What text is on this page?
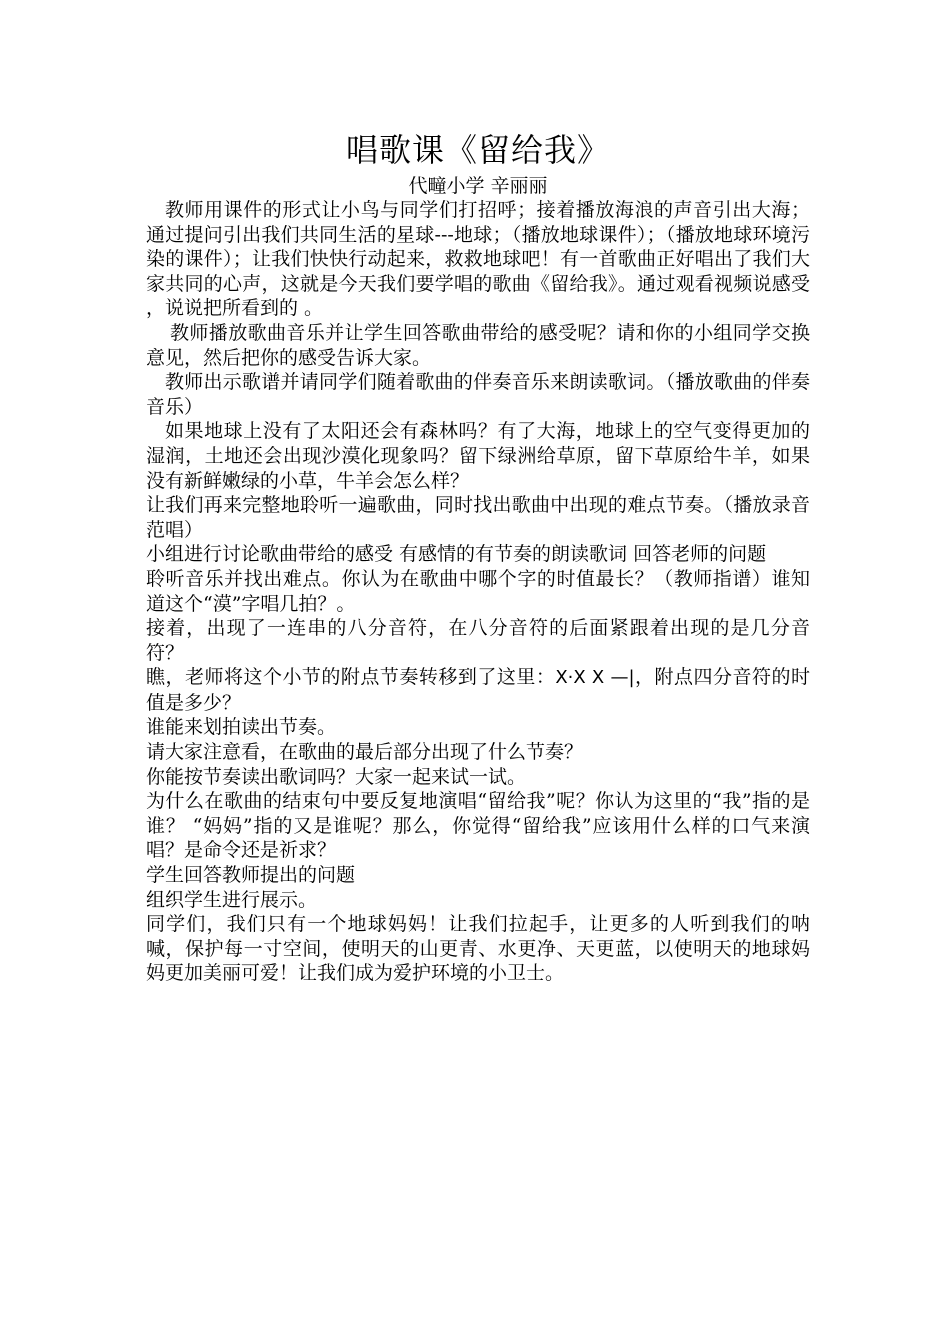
唱歌课《留给我》

代疃小学 辛丽丽

教师用课件的形式让小鸟与同学们打招呼；接着播放海浪的声音引出大海；通过提问引出我们共同生活的星球---地球；（播放地球课件）；（播放地球环境污染的课件）；让我们快快行动起来，救救地球吧！有一首歌曲正好唱出了我们大家共同的心声，这就是今天我们要学唱的歌曲《留给我》。通过观看视频说感受 ，说说把所看到的 。

教师播放歌曲音乐并让学生回答歌曲带给的感受呢？请和你的小组同学交换意见，然后把你的感受告诉大家。

教师出示歌谱并请同学们随着歌曲的伴奏音乐来朗读歌词。（播放歌曲的伴奏音乐）

如果地球上没有了太阳还会有森林吗？有了大海，地球上的空气变得更加的湿润，土地还会出现沙漠化现象吗？留下绿洲给草原，留下草原给牛羊，如果没有新鲜嫩绿的小草，牛羊会怎么样？

让我们再来完整地聆听一遍歌曲，同时找出歌曲中出现的难点节奏。（播放录音范唱）

小组进行讨论歌曲带给的感受 有感情的有节奏的朗读歌词 回答老师的问题

聆听音乐并找出难点。你认为在歌曲中哪个字的时值最长？（教师指谱）谁知道这个“漠”字唱几拍？。

接着，出现了一连串的八分音符，在八分音符的后面紧跟着出现的是几分音符？

瞧，老师将这个小节的附点节奏转移到了这里：X·X X —|，附点四分音符的时值是多少？

谁能来划拍读出节奏。

请大家注意看，在歌曲的最后部分出现了什么节奏？

你能按节奏读出歌词吗？大家一起来试一试。

为什么在歌曲的结束句中要反复地演唱“留给我”呢？你认为这里的“我”指的是谁？ “妈妈”指的又是谁呢？那么，你觉得“留给我”应该用什么样的口气来演唱？是命令还是祈求？

学生回答教师提出的问题

组织学生进行展示。

同学们，我们只有一个地球妈妈！让我们拉起手，让更多的人听到我们的呐喊，保护每一寸空间，使明天的山更青、水更净、天更蓝，以使明天的地球妈妈更加美丽可爱！让我们成为爱护环境的小卫士。
